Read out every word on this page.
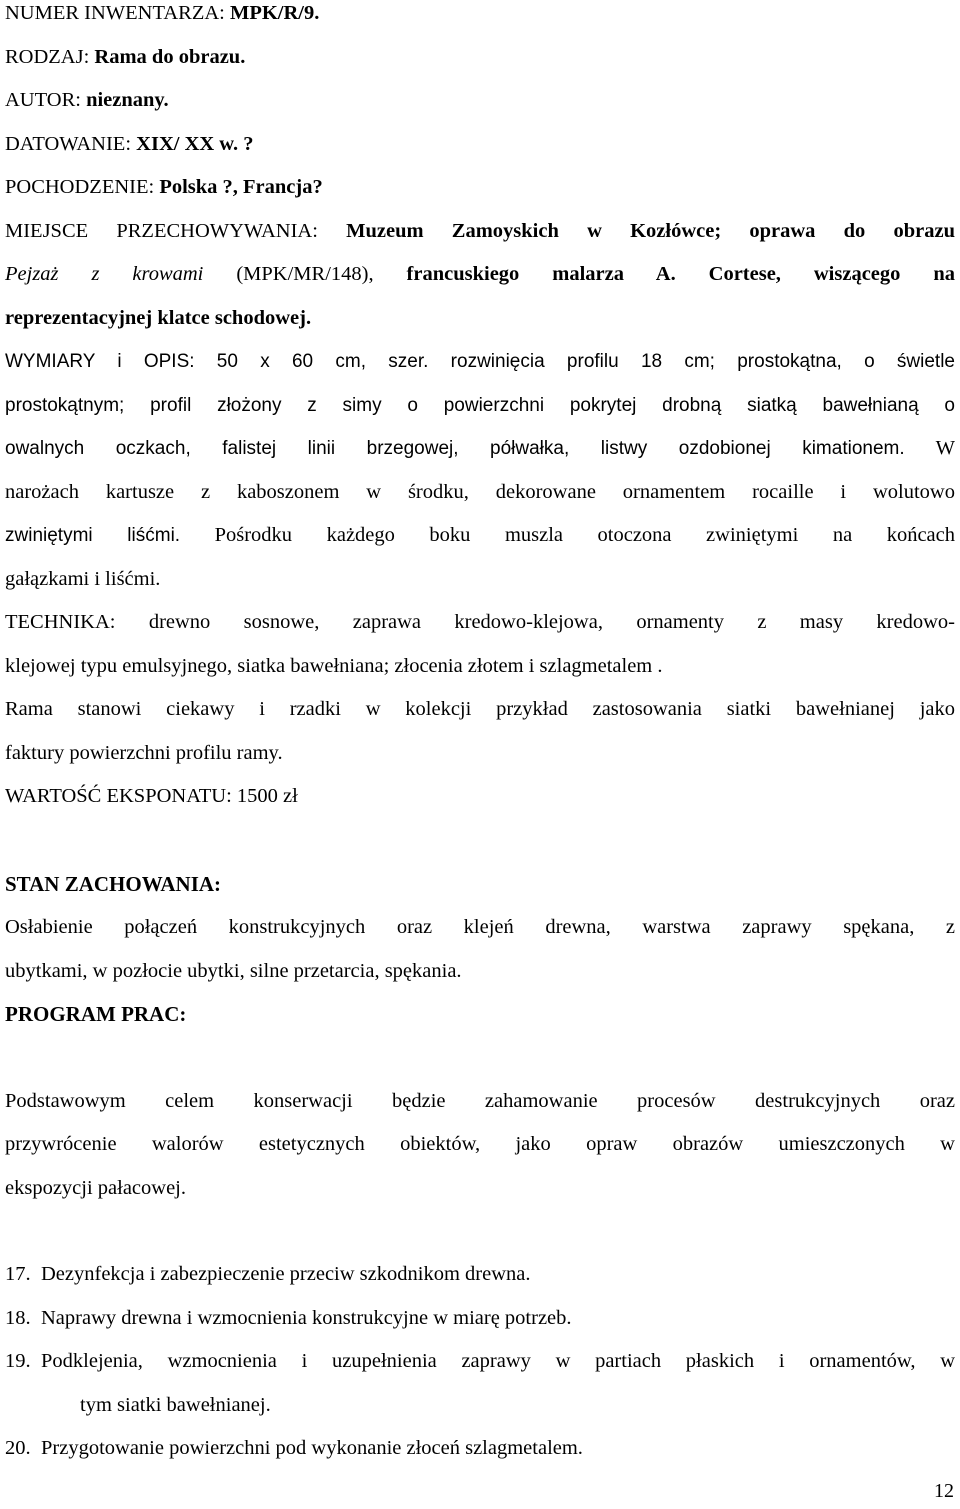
NUMER INWENTARZA: MPK/R/9.

RODZAJ: Rama do obrazu.

AUTOR: nieznany.

DATOWANIE: XIX/ XX w. ?

POCHODZENIE: Polska ?, Francja?

MIEJSCE PRZECHOWYWANIA: Muzeum Zamoyskich w Kozłówce; oprawa do obrazu

Pejzaż z krowami (MPK/MR/148), francuskiego malarza A. Cortese, wiszącego na

reprezentacyjnej klatce schodowej.

WYMIARY i OPIS: 50 x 60 cm, szer. rozwinięcia profilu 18 cm; prostokątna, o świetle

prostokątnym; profil złożony z simy o powierzchni pokrytej drobną siatką bawełnianą o

owalnych oczkach, falistej linii brzegowej, półwałka, listwy ozdobionej kimationem. W

narożach kartusze z kaboszonem w środku, dekorowane ornamentem rocaille i wolutowo

zwiniętymi liśćmi. Pośrodku każdego boku muszla otoczona zwiniętymi na końcach

gałązkami i liśćmi.

TECHNIKA: drewno sosnowe, zaprawa kredowo-klejowa, ornamenty z masy kredowo-

klejowej typu emulsyjnego, siatka bawełniana; złocenia złotem i szlagmetalem .

Rama stanowi ciekawy i rzadki w kolekcji przykład zastosowania siatki bawełnianej jako

faktury powierzchni profilu ramy.

WARTOŚĆ EKSPONATU: 1500 zł

STAN ZACHOWANIA:

Osłabienie połączeń konstrukcyjnych oraz klejeń drewna, warstwa zaprawy spękana, z

ubytkami, w pozłocie ubytki, silne przetarcia, spękania.

PROGRAM PRAC:

Podstawowym celem konserwacji będzie zahamowanie procesów destrukcyjnych oraz

przywrócenie walorów estetycznych obiektów, jako opraw obrazów umieszczonych w

ekspozycji pałacowej.

17. Dezynfekcja i zabezpieczenie przeciw szkodnikom drewna.

18. Naprawy drewna i wzmocnienia konstrukcyjne w miarę potrzeb.

19. Podklejenia, wzmocnienia i uzupełnienia zaprawy w partiach płaskich i ornamentów, w

tym siatki bawełnianej.

20. Przygotowanie powierzchni pod wykonanie złoceń szlagmetalem.

12
